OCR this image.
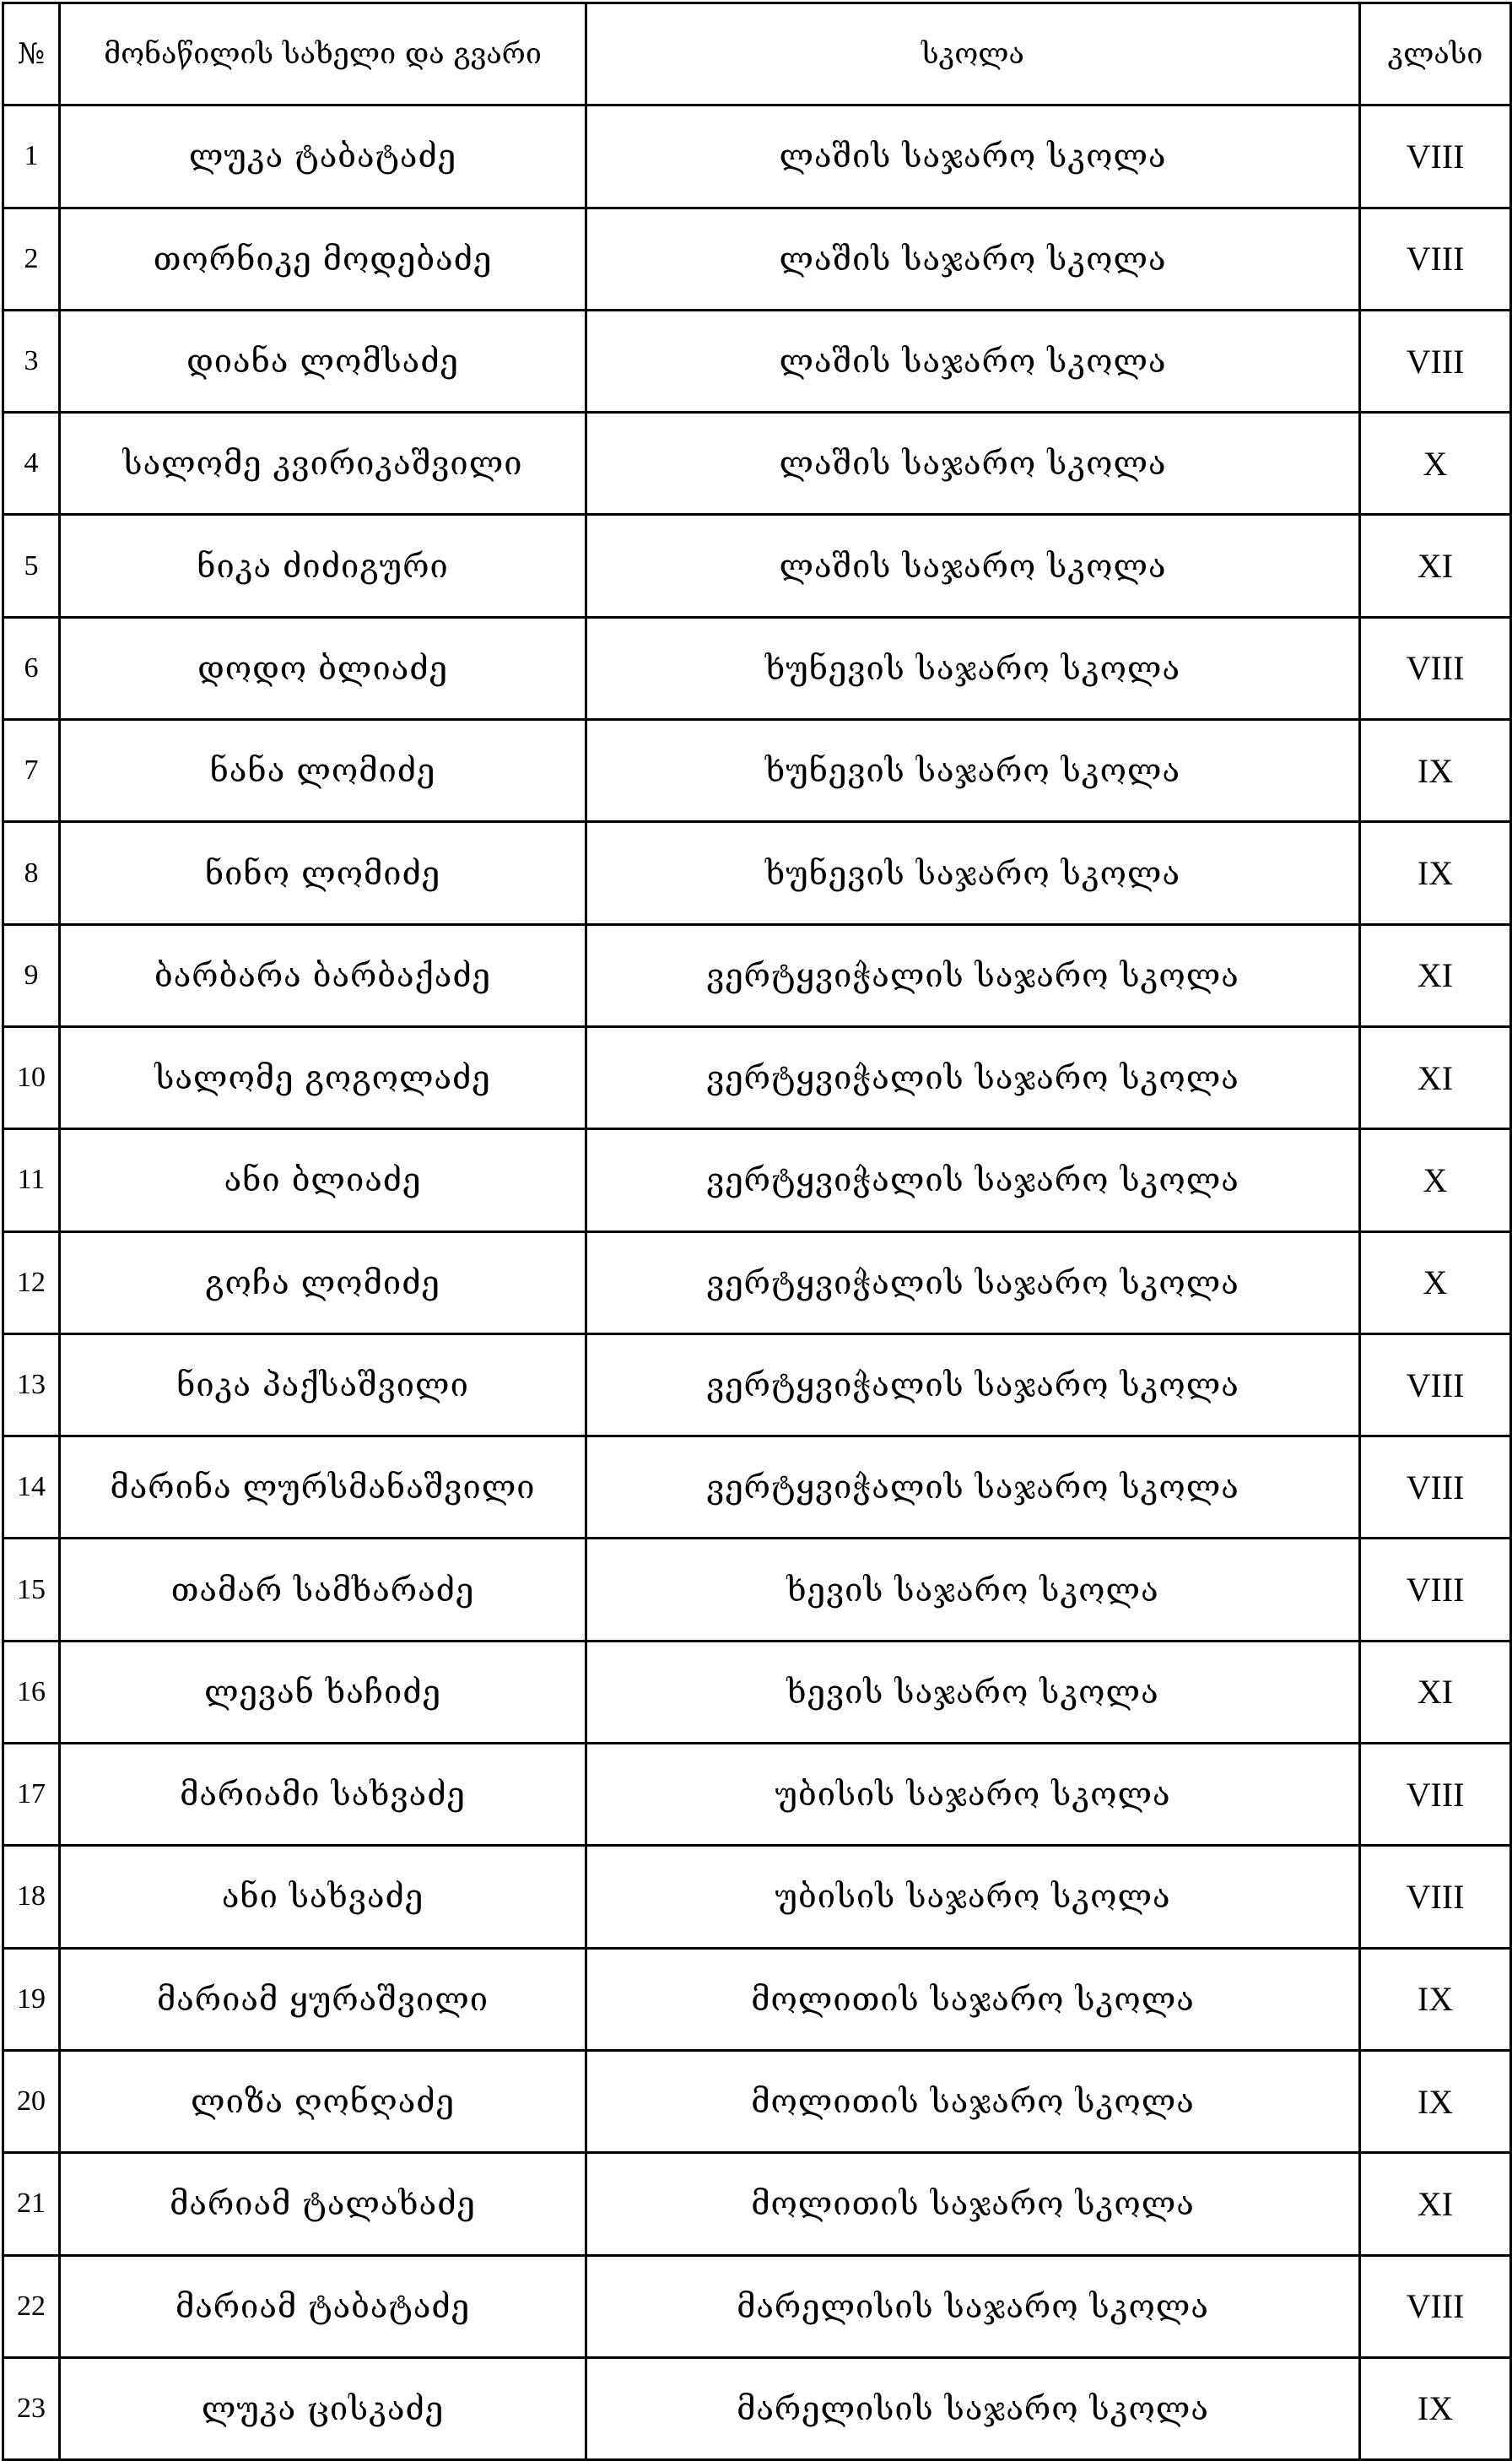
№	მონაწილის სახელი და გვარი	სკოლა	კლასი
1	ლუკა ტაბატაძე	ლაშის საჯარო სკოლა	VIII
2	თორნიკე მოდებაძე	ლაშის საჯარო სკოლა	VIII
3	დიანა ლომსაძე	ლაშის საჯარო სკოლა	VIII
4	სალომე კვირიკაშვილი	ლაშის საჯარო სკოლა	X
5	ნიკა ძიძიგური	ლაშის საჯარო სკოლა	XI
6	დოდო ბლიაძე	ხუნევის საჯარო სკოლა	VIII
7	ნანა ლომიძე	ხუნევის საჯარო სკოლა	IX
8	ნინო ლომიძე	ხუნევის საჯარო სკოლა	IX
9	ბარბარა ბარბაქაძე	ვერტყვიჭალის საჯარო სკოლა	XI
10	სალომე გოგოლაძე	ვერტყვიჭალის საჯარო სკოლა	XI
11	ანი ბლიაძე	ვერტყვიჭალის საჯარო სკოლა	X
12	გოჩა ლომიძე	ვერტყვიჭალის საჯარო სკოლა	X
13	ნიკა პაქსაშვილი	ვერტყვიჭალის საჯარო სკოლა	VIII
14	მარინა ლურსმანაშვილი	ვერტყვიჭალის საჯარო სკოლა	VIII
15	თამარ სამხარაძე	ხევის საჯარო სკოლა	VIII
16	ლევან ხაჩიძე	ხევის საჯარო სკოლა	XI
17	მარიამი სახვაძე	უბისის საჯარო სკოლა	VIII
18	ანი სახვაძე	უბისის საჯარო სკოლა	VIII
19	მარიამ ყურაშვილი	მოლითის საჯარო სკოლა	IX
20	ლიზა ღონღაძე	მოლითის საჯარო სკოლა	IX
21	მარიამ ტალახაძე	მოლითის საჯარო სკოლა	XI
22	მარიამ ტაბატაძე	მარელისის საჯარო სკოლა	VIII
23	ლუკა ცისკაძე	მარელისის საჯარო სკოლა	IX
